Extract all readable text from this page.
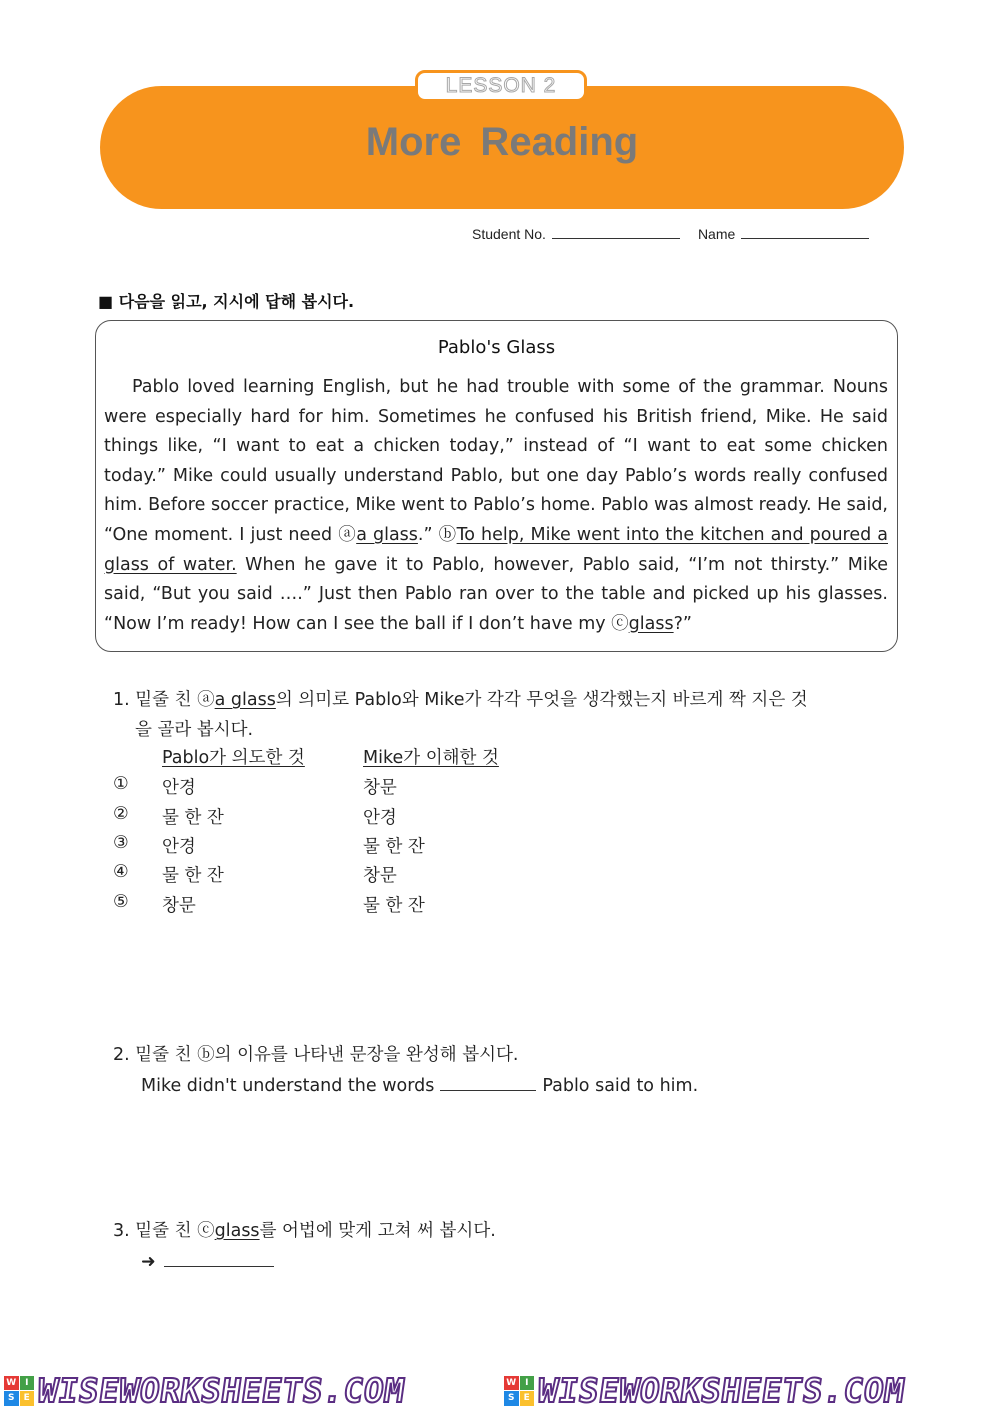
LESSON 2
More Reading
Student No.	Name
■ 다음을 읽고, 지시에 답해 봅시다.
Pablo's Glass

Pablo loved learning English, but he had trouble with some of the grammar. Nouns were especially hard for him. Sometimes he confused his British friend, Mike. He said things like, “I want to eat a chicken today,” instead of “I want to eat some chicken today.” Mike could usually understand Pablo, but one day Pablo’s words really confused him. Before soccer practice, Mike went to Pablo’s home. Pablo was almost ready. He said, “One moment. I just need ⓐa glass.” ⓑTo help, Mike went into the kitchen and poured a glass of water. When he gave it to Pablo, however, Pablo said, “I’m not thirsty.” Mike said, “But you said ….” Just then Pablo ran over to the table and picked up his glasses. “Now I’m ready! How can I see the ball if I don’t have my ⓒglass?”

1. 밑줄 친 ⓐa glass의 의미로 Pablo와 Mike가 각각 무엇을 생각했는지 바르게 짝 지은 것
을 골라 봅시다.
Pablo가 의도한 것	Mike가 이해한 것
① 안경	창문
② 물 한 잔	안경
③ 안경	물 한 잔
④ 물 한 잔	창문
⑤ 창문	물 한 잔
2. 밑줄 친 ⓑ의 이유를 나타낸 문장을 완성해 봅시다.
Mike didn't understand the words	Pablo said to him.
3. 밑줄 친 ⓒglass를 어법에 맞게 고쳐 써 봅시다.
➜
W I
S	E WISEWORKSHEETS.COM	W I
S	E WISEWORKSHEETS.COM
